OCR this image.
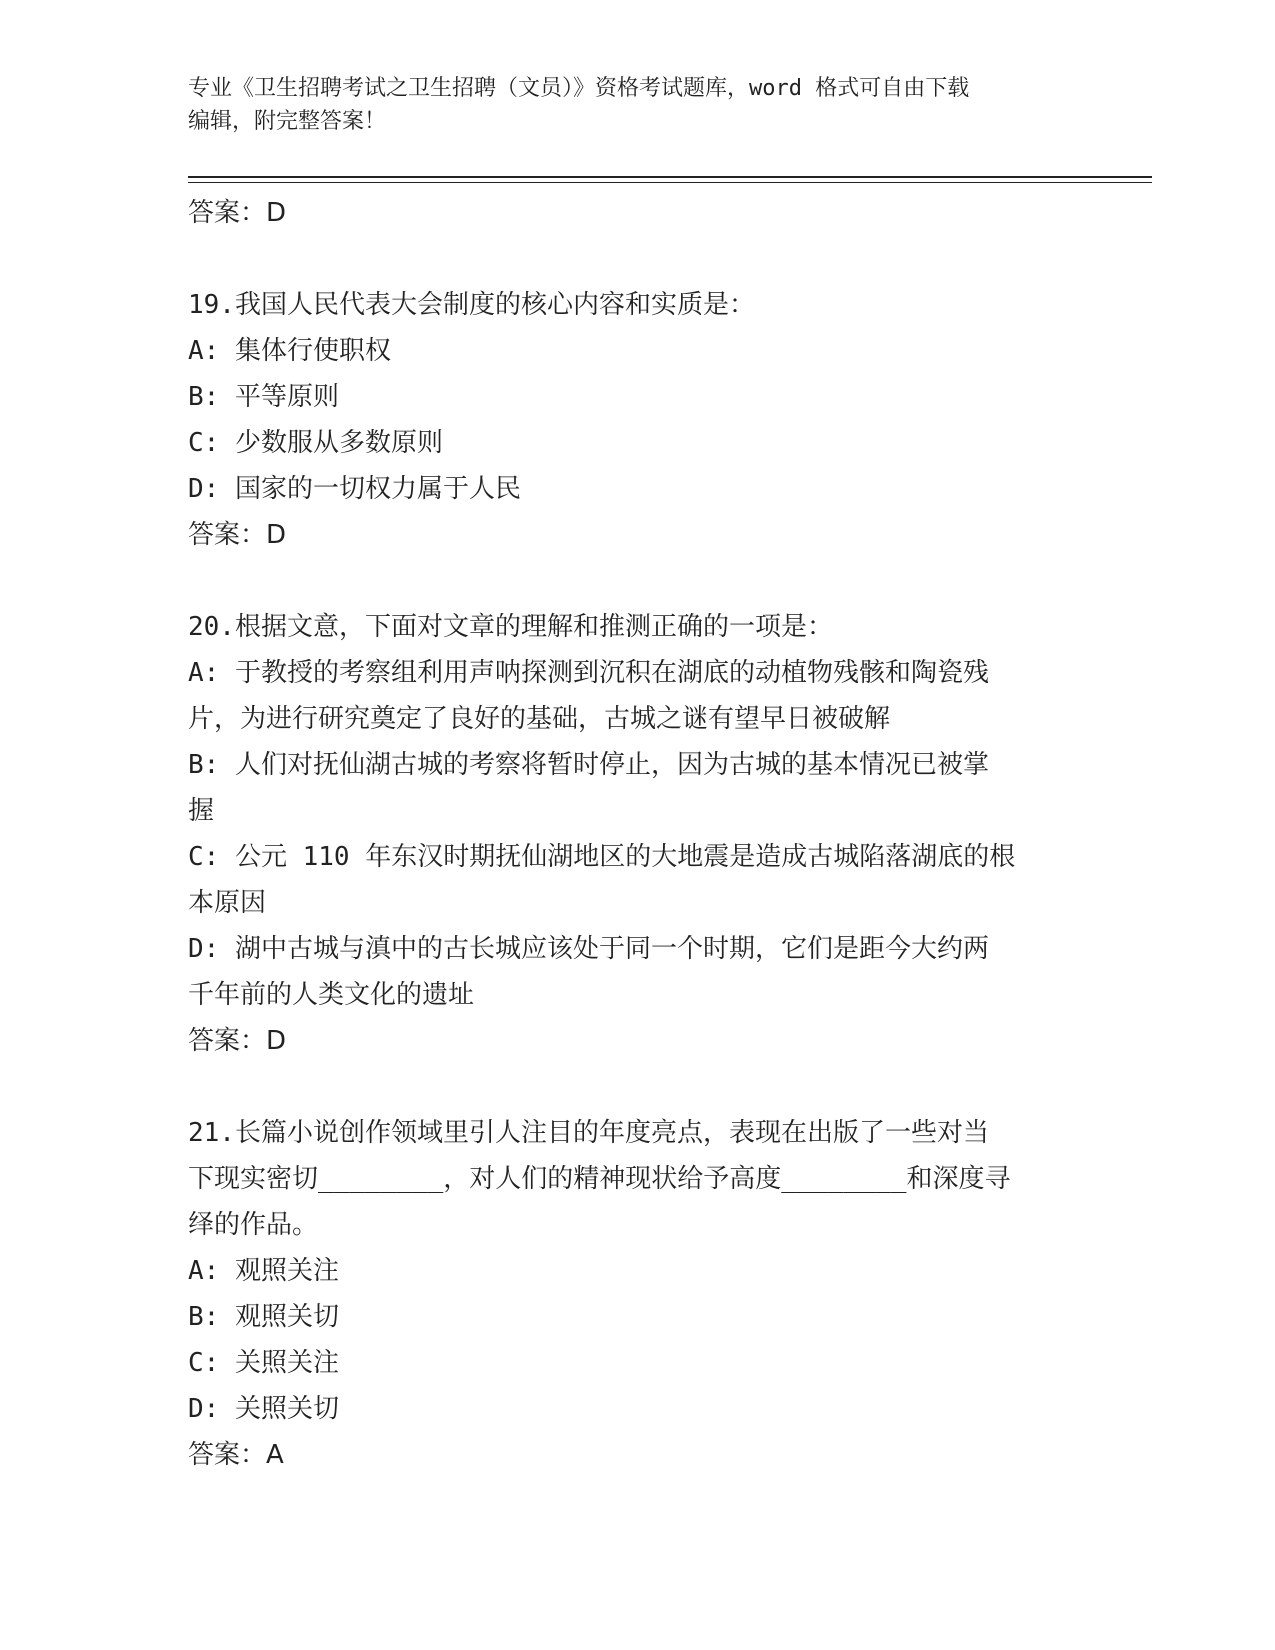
专业《卫生招聘考试之卫生招聘（文员）》资格考试题库，word 格式可自由下载
编辑，附完整答案！
答案：D
19.我国人民代表大会制度的核心内容和实质是：
A: 集体行使职权
B: 平等原则
C: 少数服从多数原则
D: 国家的一切权力属于人民
答案：D
20.根据文意，下面对文章的理解和推测正确的一项是：
A: 于教授的考察组利用声呐探测到沉积在湖底的动植物残骸和陶瓷残
片，为进行研究奠定了良好的基础，古城之谜有望早日被破解
B: 人们对抚仙湖古城的考察将暂时停止，因为古城的基本情况已被掌
握
C: 公元 110 年东汉时期抚仙湖地区的大地震是造成古城陷落湖底的根
本原因
D: 湖中古城与滇中的古长城应该处于同一个时期，它们是距今大约两
千年前的人类文化的遗址
答案：D
21.长篇小说创作领域里引人注目的年度亮点，表现在出版了一些对当
下现实密切________，对人们的精神现状给予高度________和深度寻
绎的作品。
A: 观照关注
B: 观照关切
C: 关照关注
D: 关照关切
答案：A
